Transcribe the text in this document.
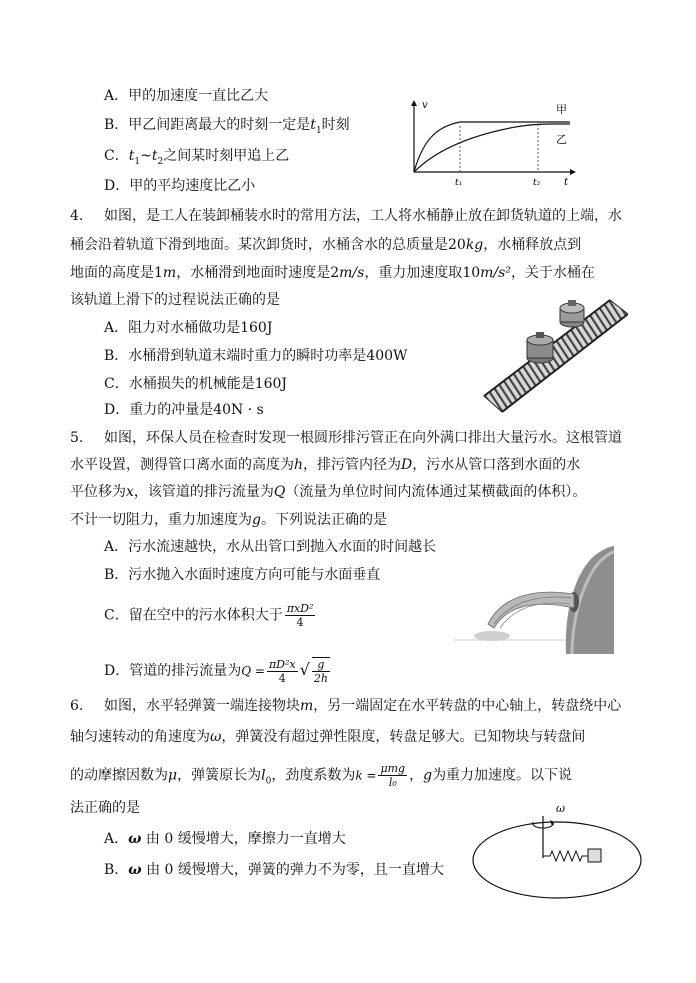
A．甲的加速度一直比乙大
B．甲乙间距离最大的时刻一定是$t_1$时刻
C．$t_1\sim t_2$之间某时刻甲追上乙
D．甲的平均速度比乙小
v
t
甲
乙
t₁	t₂
4. 如图，是工人在装卸桶装水时的常用方法，工人将水桶静止放在卸货轨道的上端，水
桶会沿着轨道下滑到地面。某次卸货时，水桶含水的总质量是20kg，水桶释放点到
地面的高度是1m，水桶滑到地面时速度是2m/s，重力加速度取10m/s²，关于水桶在
该轨道上滑下的过程说法正确的是
A．阻力对水桶做功是160J
B．水桶滑到轨道末端时重力的瞬时功率是400W
C．水桶损失的机械能是160J
D．重力的冲量是40N · s
5. 如图，环保人员在检查时发现一根圆形排污管正在向外满口排出大量污水。这根管道
水平设置，测得管口离水面的高度为h，排污管内径为D，污水从管口落到水面的水
平位移为x，该管道的排污流量为Q（流量为单位时间内流体通过某横截面的体积）。
不计一切阻力，重力加速度为g。下列说法正确的是
A．污水流速越快，水从出管口到抛入水面的时间越长
B．污水抛入水面时速度方向可能与水面垂直
C．留在空中的污水体积大于 $\frac{\text{πxD²}}{4}$
D．管道的排污流量为$Q = \frac{\text{πD²x}}{4}$ √ $\frac{g}{2h}$
6. 如图，水平轻弹簧一端连接物块m，另一端固定在水平转盘的中心轴上，转盘绕中心
轴匀速转动的角速度为ω，弹簧没有超过弹性限度，转盘足够大。已知物块与转盘间
的动摩擦因数为μ，弹簧原长为$l_0$，劲度系数为$k = \frac{\text{μmg}}{\text{l₀}}$ ，g为重力加速度。以下说
法正确的是
A．ω 由 0 缓慢增大，摩擦力一直增大
B．ω 由 0 缓慢增大，弹簧的弹力不为零，且一直增大
ω
